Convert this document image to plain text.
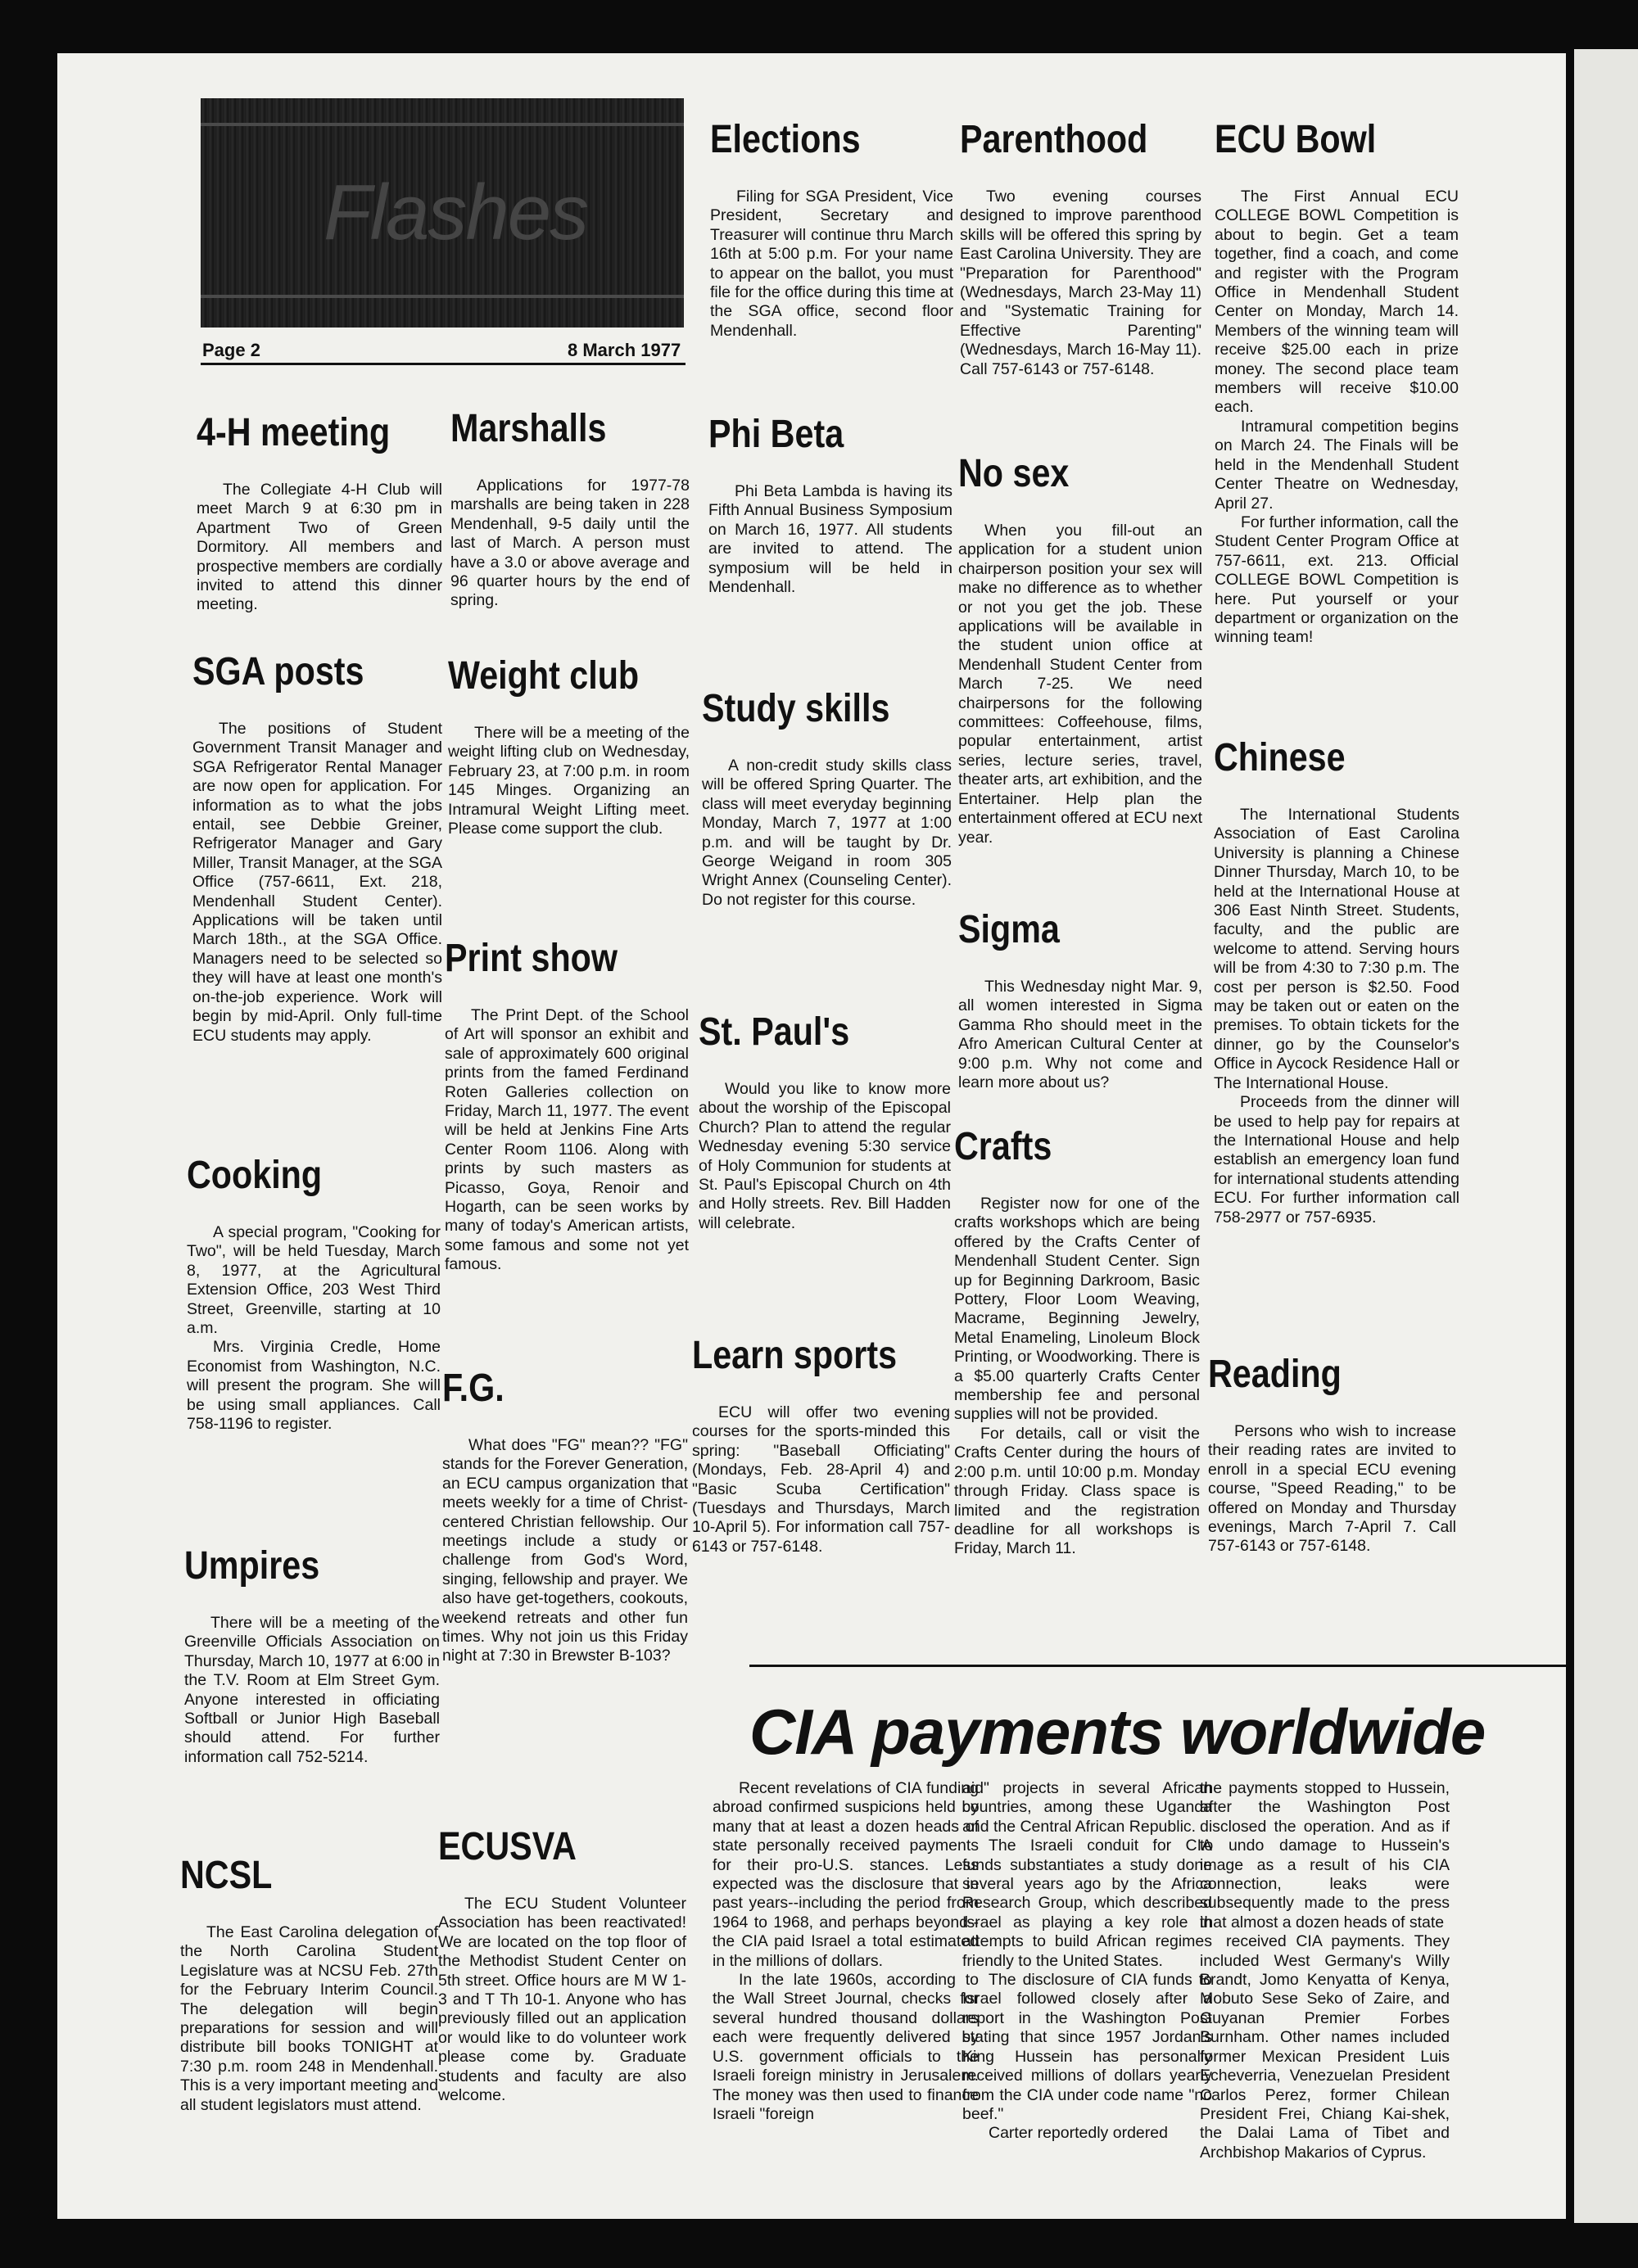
Flashes
Page 2	8 March 1977
4-H meeting

The Collegiate 4-H Club will meet March 9 at 6:30 pm in Apartment Two of Green Dormitory. All members and prospective members are cordially invited to attend this dinner meeting.

SGA posts

The positions of Student Government Transit Manager and SGA Refrigerator Rental Manager are now open for application. For information as to what the jobs entail, see Debbie Greiner, Refrigerator Manager and Gary Miller, Transit Manager, at the SGA Office (757-6611, Ext. 218, Mendenhall Student Center). Applications will be taken until March 18th., at the SGA Office. Managers need to be selected so they will have at least one month's on-the-job experience. Work will begin by mid-April. Only full-time ECU students may apply.

Cooking

A special program, "Cooking for Two", will be held Tuesday, March 8, 1977, at the Agricultural Extension Office, 203 West Third Street, Greenville, starting at 10 a.m.

Mrs. Virginia Credle, Home Economist from Washington, N.C. will present the program. She will be using small appliances. Call 758-1196 to register.

Umpires

There will be a meeting of the Greenville Officials Association on Thursday, March 10, 1977 at 6:00 in the T.V. Room at Elm Street Gym. Anyone interested in officiating Softball or Junior High Baseball should attend. For further information call 752-5214.

NCSL

The East Carolina delegation of the North Carolina Student Legislature was at NCSU Feb. 27th for the February Interim Council. The delegation will begin preparations for session and will distribute bill books TONIGHT at 7:30 p.m. room 248 in Mendenhall. This is a very important meeting and all student legislators must attend.

Marshalls

Applications for 1977-78 marshalls are being taken in 228 Mendenhall, 9-5 daily until the last of March. A person must have a 3.0 or above average and 96 quarter hours by the end of spring.

Weight club

There will be a meeting of the weight lifting club on Wednesday, February 23, at 7:00 p.m. in room 145 Minges. Organizing an Intramural Weight Lifting meet. Please come support the club.

Print show

The Print Dept. of the School of Art will sponsor an exhibit and sale of approximately 600 original prints from the famed Ferdinand Roten Galleries collection on Friday, March 11, 1977. The event will be held at Jenkins Fine Arts Center Room 1106. Along with prints by such masters as Picasso, Goya, Renoir and Hogarth, can be seen works by many of today's American artists, some famous and some not yet famous.

F.G.

What does "FG" mean?? "FG" stands for the Forever Generation, an ECU campus organization that meets weekly for a time of Christ-centered Christian fellowship. Our meetings include a study or challenge from God's Word, singing, fellowship and prayer. We also have get-togethers, cookouts, weekend retreats and other fun times. Why not join us this Friday night at 7:30 in Brewster B-103?

ECUSVA

The ECU Student Volunteer Association has been reactivated! We are located on the top floor of the Methodist Student Center on 5th street. Office hours are M W 1-3 and T Th 10-1. Anyone who has previously filled out an application or would like to do volunteer work please come by. Graduate students and faculty are also welcome.

Elections

Filing for SGA President, Vice President, Secretary and Treasurer will continue thru March 16th at 5:00 p.m. For your name to appear on the ballot, you must file for the office during this time at the SGA office, second floor Mendenhall.

Phi Beta

Phi Beta Lambda is having its Fifth Annual Business Symposium on March 16, 1977. All students are invited to attend. The symposium will be held in Mendenhall.

Study skills

A non-credit study skills class will be offered Spring Quarter. The class will meet everyday beginning Monday, March 7, 1977 at 1:00 p.m. and will be taught by Dr. George Weigand in room 305 Wright Annex (Counseling Center). Do not register for this course.

St. Paul's

Would you like to know more about the worship of the Episcopal Church? Plan to attend the regular Wednesday evening 5:30 service of Holy Communion for students at St. Paul's Episcopal Church on 4th and Holly streets. Rev. Bill Hadden will celebrate.

Learn sports

ECU will offer two evening courses for the sports-minded this spring: "Baseball Officiating" (Mondays, Feb. 28-April 4) and "Basic Scuba Certification" (Tuesdays and Thursdays, March 10-April 5). For information call 757-6143 or 757-6148.

Parenthood

Two evening courses designed to improve parenthood skills will be offered this spring by East Carolina University. They are "Preparation for Parenthood" (Wednesdays, March 23-May 11) and "Systematic Training for Effective Parenting" (Wednesdays, March 16-May 11). Call 757-6143 or 757-6148.

No sex

When you fill-out an application for a student union chairperson position your sex will make no difference as to whether or not you get the job. These applications will be available in the student union office at Mendenhall Student Center from March 7-25. We need chairpersons for the following committees: Coffeehouse, films, popular entertainment, artist series, lecture series, travel, theater arts, art exhibition, and the Entertainer. Help plan the entertainment offered at ECU next year.

Sigma

This Wednesday night Mar. 9, all women interested in Sigma Gamma Rho should meet in the Afro American Cultural Center at 9:00 p.m. Why not come and learn more about us?

Crafts

Register now for one of the crafts workshops which are being offered by the Crafts Center of Mendenhall Student Center. Sign up for Beginning Darkroom, Basic Pottery, Floor Loom Weaving, Macrame, Beginning Jewelry, Metal Enameling, Linoleum Block Printing, or Woodworking. There is a $5.00 quarterly Crafts Center membership fee and personal supplies will not be provided.

For details, call or visit the Crafts Center during the hours of 2:00 p.m. until 10:00 p.m. Monday through Friday. Class space is limited and the registration deadline for all workshops is Friday, March 11.

ECU Bowl

The First Annual ECU COLLEGE BOWL Competition is about to begin. Get a team together, find a coach, and come and register with the Program Office in Mendenhall Student Center on Monday, March 14. Members of the winning team will receive $25.00 each in prize money. The second place team members will receive $10.00 each.

Intramural competition begins on March 24. The Finals will be held in the Mendenhall Student Center Theatre on Wednesday, April 27.

For further information, call the Student Center Program Office at 757-6611, ext. 213. Official COLLEGE BOWL Competition is here. Put yourself or your department or organization on the winning team!

Chinese

The International Students Association of East Carolina University is planning a Chinese Dinner Thursday, March 10, to be held at the International House at 306 East Ninth Street. Students, faculty, and the public are welcome to attend. Serving hours will be from 4:30 to 7:30 p.m. The cost per person is $2.50. Food may be taken out or eaten on the premises. To obtain tickets for the dinner, go by the Counselor's Office in Aycock Residence Hall or The International House.

Proceeds from the dinner will be used to help pay for repairs at the International House and help establish an emergency loan fund for international students attending ECU. For further information call 758-2977 or 757-6935.

Reading

Persons who wish to increase their reading rates are invited to enroll in a special ECU evening course, "Speed Reading," to be offered on Monday and Thursday evenings, March 7-April 7. Call 757-6143 or 757-6148.

CIA payments worldwide

Recent revelations of CIA funding abroad confirmed suspicions held by many that at least a dozen heads of state personally received payments for their pro-U.S. stances. Less expected was the disclosure that in past years--including the period from 1964 to 1968, and perhaps beyond--the CIA paid Israel a total estimated in the millions of dollars.

In the late 1960s, according to the Wall Street Journal, checks for several hundred thousand dollars each were frequently delivered by U.S. government officials to the Israeli foreign ministry in Jerusalem. The money was then used to finance Israeli "foreign

aid" projects in several African countries, among these Uganda and the Central African Republic.

The Israeli conduit for CIA funds substantiates a study done several years ago by the Africa Research Group, which described Israel as playing a key role in attempts to build African regimes friendly to the United States.

The disclosure of CIA funds to Israel followed closely after a report in the Washington Post stating that since 1957 Jordan's King Hussein has personally received millions of dollars yearly from the CIA under code name "no beef."

Carter reportedly ordered

the payments stopped to Hussein, after the Washington Post disclosed the operation. And as if to undo damage to Hussein's image as a result of his CIA connection, leaks were subsequently made to the press that almost a dozen heads of state

received CIA payments. They included West Germany's Willy Brandt, Jomo Kenyatta of Kenya, Mobuto Sese Seko of Zaire, and Guyanan Premier Forbes Burnham. Other names included former Mexican President Luis Echeverria, Venezuelan President Carlos Perez, former Chilean President Frei, Chiang Kai-shek, the Dalai Lama of Tibet and Archbishop Makarios of Cyprus.
